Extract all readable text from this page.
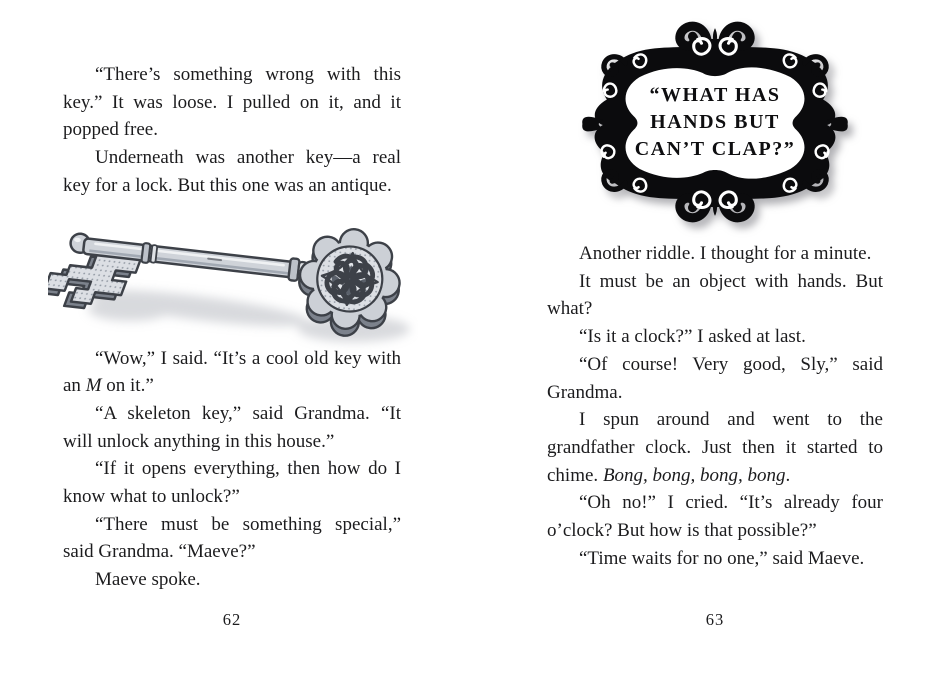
“There’s something wrong with this key.” It was loose. I pulled on it, and it popped free.

Underneath was another key—a real key for a lock. But this one was an antique.

“Wow,” I said. “It’s a cool old key with an M on it.”

“A skeleton key,” said Grandma. “It will unlock anything in this house.”

“If it opens everything, then how do I know what to unlock?”

“There must be something special,” said Grandma. “Maeve?”

Maeve spoke.

62
“WHAT HAS
HANDS BUT
CAN’T CLAP?”

Another riddle. I thought for a minute.

It must be an object with hands. But what?

“Is it a clock?” I asked at last.

“Of course! Very good, Sly,” said Grandma.

I spun around and went to the grandfather clock. Just then it started to chime. Bong, bong, bong, bong.

“Oh no!” I cried. “It’s already four o’clock? But how is that possible?”

“Time waits for no one,” said Maeve.

63
